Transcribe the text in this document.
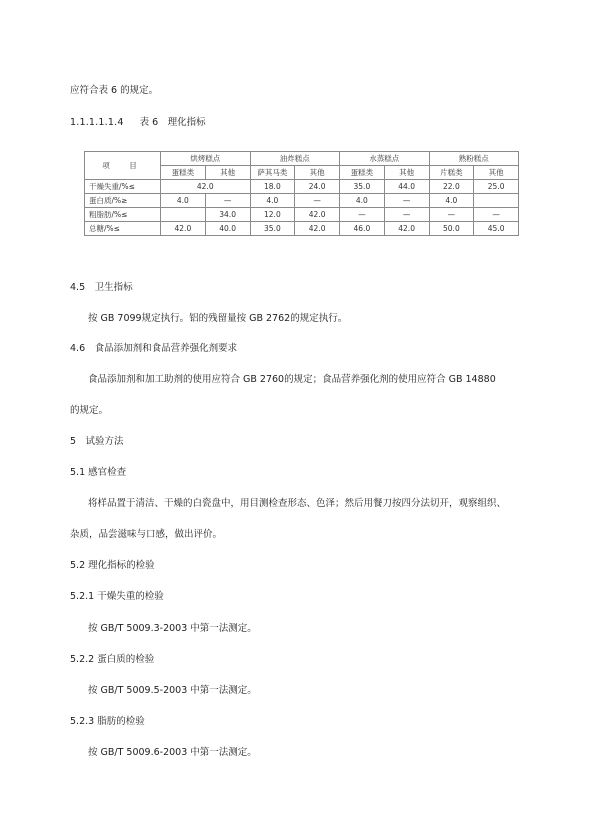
应符合表 6 的规定。
1.1.1.1.1.4 表 6　理化指标
项　目	烘烤糕点		油炸糕点		水蒸糕点		熟粉糕点	
	蛋糕类	其他	萨其马类	其他	蛋糕类	其他	片糕类	其他
干燥失重/%≤	42.0		18.0	24.0	35.0	44.0	22.0	25.0
蛋白质/%≥	4.0	—	4.0	—	4.0	—	4.0	
粗脂肪/%≤		34.0	12.0	42.0	—	—	—	—
总糖/%≤	42.0	40.0	35.0	42.0	46.0	42.0	50.0	45.0
4.5　卫生指标
按 GB 7099规定执行。铝的残留量按 GB 2762的规定执行。
4.6　食品添加剂和食品营养强化剂要求
食品添加剂和加工助剂的使用应符合 GB 2760的规定；食品营养强化剂的使用应符合 GB 14880
的规定。
5　试验方法
5.1 感官检查
将样品置于清洁、干燥的白瓷盘中，用目测检查形态、色泽；然后用餐刀按四分法切开，观察组织、
杂质，品尝滋味与口感，做出评价。
5.2 理化指标的检验
5.2.1 干燥失重的检验
按 GB/T 5009.3-2003 中第一法测定。
5.2.2 蛋白质的检验
按 GB/T 5009.5-2003 中第一法测定。
5.2.3 脂肪的检验
按 GB/T 5009.6-2003 中第一法测定。
